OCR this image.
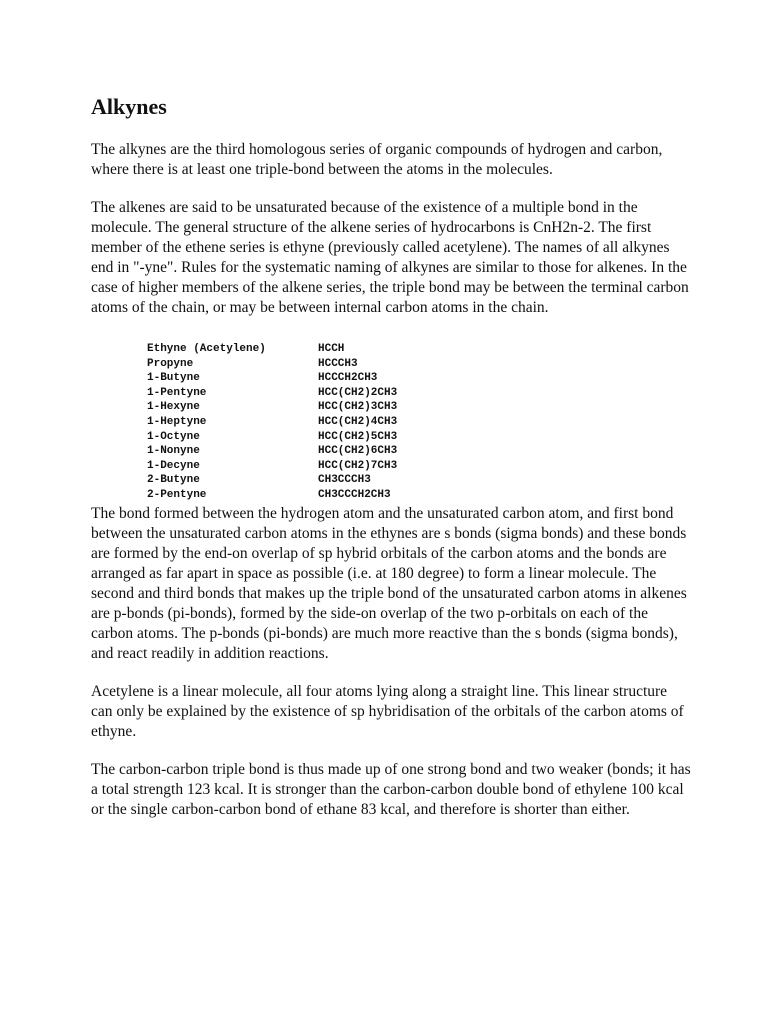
Alkynes

The alkynes are the third homologous series of organic compounds of hydrogen and carbon, where there is at least one triple-bond between the atoms in the molecules.

The alkenes are said to be unsaturated because of the existence of a multiple bond in the molecule. The general structure of the alkene series of hydrocarbons is CnH2n-2. The first member of the ethene series is ethyne (previously called acetylene). The names of all alkynes end in "-yne". Rules for the systematic naming of alkynes are similar to those for alkenes. In the case of higher members of the alkene series, the triple bond may be between the terminal carbon atoms of the chain, or may be between internal carbon atoms in the chain.

Ethyne (Acetylene)	HCCH
Propyne	HCCCH3
1-Butyne	HCCCH2CH3
1-Pentyne	HCC(CH2)2CH3
1-Hexyne	HCC(CH2)3CH3
1-Heptyne	HCC(CH2)4CH3
1-Octyne	HCC(CH2)5CH3
1-Nonyne	HCC(CH2)6CH3
1-Decyne	HCC(CH2)7CH3
2-Butyne	CH3CCCH3
2-Pentyne	CH3CCCH2CH3

The bond formed between the hydrogen atom and the unsaturated carbon atom, and first bond between the unsaturated carbon atoms in the ethynes are s bonds (sigma bonds) and these bonds are formed by the end-on overlap of sp hybrid orbitals of the carbon atoms and the bonds are arranged as far apart in space as possible (i.e. at 180 degree) to form a linear molecule. The second and third bonds that makes up the triple bond of the unsaturated carbon atoms in alkenes are p-bonds (pi-bonds), formed by the side-on overlap of the two p-orbitals on each of the carbon atoms. The p-bonds (pi-bonds) are much more reactive than the s bonds (sigma bonds), and react readily in addition reactions.

Acetylene is a linear molecule, all four atoms lying along a straight line. This linear structure can only be explained by the existence of sp hybridisation of the orbitals of the carbon atoms of ethyne.

The carbon-carbon triple bond is thus made up of one strong bond and two weaker (bonds; it has a total strength 123 kcal. It is stronger than the carbon-carbon double bond of ethylene 100 kcal or the single carbon-carbon bond of ethane 83 kcal, and therefore is shorter than either.
